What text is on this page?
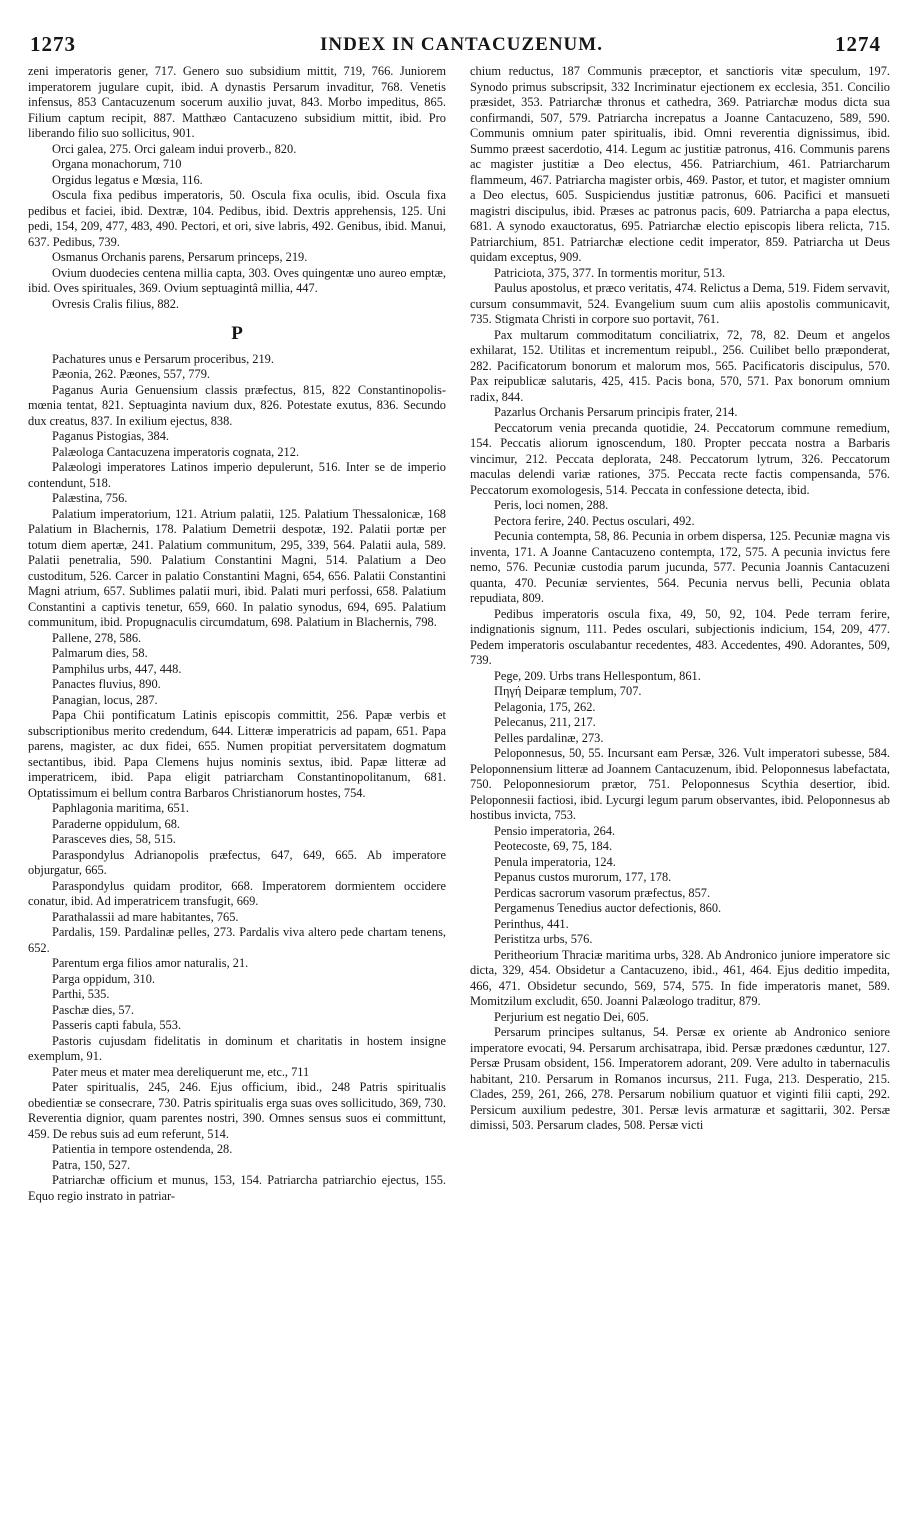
1273	INDEX IN CANTACUZENUM.	1274

zeni imperatoris gener, 717. Genero suo subsidium mittit, 719, 766. Juniorem imperatorem jugulare cupit, ibid. A dynastis Persarum invaditur, 768. Venetis infensus, 853 Cantacuzenum socerum auxilio juvat, 843. Morbo impeditus, 865. Filium captum recipit, 887. Matthæo Cantacuzeno subsidium mittit, ibid. Pro liberando filio suo sollicitus, 901.

Orci galea, 275. Orci galeam indui proverb., 820.

Organa monachorum, 710

Orgidus legatus e Mœsia, 116.

Oscula fixa pedibus imperatoris, 50. Oscula fixa oculis, ibid. Oscula fixa pedibus et faciei, ibid. Dextræ, 104. Pedibus, ibid. Dextris apprehensis, 125. Uni pedi, 154, 209, 477, 483, 490. Pectori, et ori, sive labris, 492. Genibus, ibid. Manui, 637. Pedibus, 739.

Osmanus Orchanis parens, Persarum princeps, 219.

Ovium duodecies centena millia capta, 303. Oves quingentæ uno aureo emptæ, ibid. Oves spirituales, 369. Ovium septuagintâ millia, 447.

Ovresis Cralis filius, 882.

P

Pachatures unus e Persarum proceribus, 219.

Pæonia, 262. Pæones, 557, 779.

Paganus Auria Genuensium classis præfectus, 815, 822 Constantinopolis-mœnia tentat, 821. Septuaginta navium dux, 826. Potestate exutus, 836. Secundo dux creatus, 837. In exilium ejectus, 838.

Paganus Pistogias, 384.

Palæologa Cantacuzena imperatoris cognata, 212.

Palæologi imperatores Latinos imperio depulerunt, 516. Inter se de imperio contendunt, 518.

Palæstina, 756.

Palatium imperatorium, 121. Atrium palatii, 125. Palatium Thessalonicæ, 168 Palatium in Blachernis, 178. Palatium Demetrii despotæ, 192. Palatii portæ per totum diem apertæ, 241. Palatium communitum, 295, 339, 564. Palatii aula, 589. Palatii penetralia, 590. Palatium Constantini Magni, 514. Palatium a Deo custoditum, 526. Carcer in palatio Constantini Magni, 654, 656. Palatii Constantini Magni atrium, 657. Sublimes palatii muri, ibid. Palati muri perfossi, 658. Palatium Constantini a captivis tenetur, 659, 660. In palatio synodus, 694, 695. Palatium communitum, ibid. Propugnaculis circumdatum, 698. Palatium in Blachernis, 798.

Pallene, 278, 586.

Palmarum dies, 58.

Pamphilus urbs, 447, 448.

Panactes fluvius, 890.

Panagian, locus, 287.

Papa Chii pontificatum Latinis episcopis committit, 256. Papæ verbis et subscriptionibus merito credendum, 644. Litteræ imperatricis ad papam, 651. Papa parens, magister, ac dux fidei, 655. Numen propitiat perversitatem dogmatum sectantibus, ibid. Papa Clemens hujus nominis sextus, ibid. Papæ litteræ ad imperatricem, ibid. Papa eligit patriarcham Constantinopolitanum, 681. Optatissimum ei bellum contra Barbaros Christianorum hostes, 754.

Paphlagonia maritima, 651.

Paraderne oppidulum, 68.

Parasceves dies, 58, 515.

Paraspondylus Adrianopolis præfectus, 647, 649, 665. Ab imperatore objurgatur, 665.

Paraspondylus quidam proditor, 668. Imperatorem dormientem occidere conatur, ibid. Ad imperatricem transfugit, 669.

Parathalassii ad mare habitantes, 765.

Pardalis, 159. Pardalinæ pelles, 273. Pardalis viva altero pede chartam tenens, 652.

Parentum erga filios amor naturalis, 21.

Parga oppidum, 310.

Parthi, 535.

Paschæ dies, 57.

Passeris capti fabula, 553.

Pastoris cujusdam fidelitatis in dominum et charitatis in hostem insigne exemplum, 91.

Pater meus et mater mea dereliquerunt me, etc., 711

Pater spiritualis, 245, 246. Ejus officium, ibid., 248 Patris spiritualis obedientiæ se consecrare, 730. Patris spiritualis erga suas oves sollicitudo, 369, 730. Reverentia dignior, quam parentes nostri, 390. Omnes sensus suos ei committunt, 459. De rebus suis ad eum referunt, 514.

Patientia in tempore ostendenda, 28.

Patra, 150, 527.

Patriarchæ officium et munus, 153, 154. Patriarcha patriarchio ejectus, 155. Equo regio instrato in patriar-

chium reductus, 187 Communis præceptor, et sanctioris vitæ speculum, 197. Synodo primus subscripsit, 332 Incriminatur ejectionem ex ecclesia, 351. Concilio præsidet, 353. Patriarchæ thronus et cathedra, 369. Patriarchæ modus dicta sua confirmandi, 507, 579. Patriarcha increpatus a Joanne Cantacuzeno, 589, 590. Communis omnium pater spiritualis, ibid. Omni reverentia dignissimus, ibid. Summo præest sacerdotio, 414. Legum ac justitiæ patronus, 416. Communis parens ac magister justitiæ a Deo electus, 456. Patriarchium, 461. Patriarcharum flammeum, 467. Patriarcha magister orbis, 469. Pastor, et tutor, et magister omnium a Deo electus, 605. Suspiciendus justitiæ patronus, 606. Pacifici et mansueti magistri discipulus, ibid. Præses ac patronus pacis, 609. Patriarcha a papa electus, 681. A synodo exauctoratus, 695. Patriarchæ electio episcopis libera relicta, 715. Patriarchium, 851. Patriarchæ electione cedit imperator, 859. Patriarcha ut Deus quidam exceptus, 909.

Patriciota, 375, 377. In tormentis moritur, 513.

Paulus apostolus, et præco veritatis, 474. Relictus a Dema, 519. Fidem servavit, cursum consummavit, 524. Evangelium suum cum aliis apostolis communicavit, 735. Stigmata Christi in corpore suo portavit, 761.

Pax multarum commoditatum conciliatrix, 72, 78, 82. Deum et angelos exhilarat, 152. Utilitas et incrementum reipubl., 256. Cuilibet bello præponderat, 282. Pacificatorum bonorum et malorum mos, 565. Pacificatoris discipulus, 570. Pax reipublicæ salutaris, 425, 415. Pacis bona, 570, 571. Pax bonorum omnium radix, 844.

Pazarlus Orchanis Persarum principis frater, 214.

Peccatorum venia precanda quotidie, 24. Peccatorum commune remedium, 154. Peccatis aliorum ignoscendum, 180. Propter peccata nostra a Barbaris vincimur, 212. Peccata deplorata, 248. Peccatorum lytrum, 326. Peccatorum maculas delendi variæ rationes, 375. Peccata recte factis compensanda, 576. Peccatorum exomologesis, 514. Peccata in confessione detecta, ibid.

Peris, loci nomen, 288.

Pectora ferire, 240. Pectus osculari, 492.

Pecunia contempta, 58, 86. Pecunia in orbem dispersa, 125. Pecuniæ magna vis inventa, 171. A Joanne Cantacuzeno contempta, 172, 575. A pecunia invictus fere nemo, 576. Pecuniæ custodia parum jucunda, 577. Pecunia Joannis Cantacuzeni quanta, 470. Pecuniæ servientes, 564. Pecunia nervus belli, Pecunia oblata repudiata, 809.

Pedibus imperatoris oscula fixa, 49, 50, 92, 104. Pede terram ferire, indignationis signum, 111. Pedes osculari, subjectionis indicium, 154, 209, 477. Pedem imperatoris osculabantur recedentes, 483. Accedentes, 490. Adorantes, 509, 739.

Pege, 209. Urbs trans Hellespontum, 861.

Πηγή Deiparæ templum, 707.

Pelagonia, 175, 262.

Pelecanus, 211, 217.

Pelles pardalinæ, 273.

Peloponnesus, 50, 55. Incursant eam Persæ, 326. Vult imperatori subesse, 584. Peloponnensium litteræ ad Joannem Cantacuzenum, ibid. Peloponnesus labefactata, 750. Peloponnesiorum prætor, 751. Peloponnesus Scythia desertior, ibid. Peloponnesii factiosi, ibid. Lycurgi legum parum observantes, ibid. Peloponnesus ab hostibus invicta, 753.

Pensio imperatoria, 264.

Peotecoste, 69, 75, 184.

Penula imperatoria, 124.

Pepanus custos murorum, 177, 178.

Perdicas sacrorum vasorum præfectus, 857.

Pergamenus Tenedius auctor defectionis, 860.

Perinthus, 441.

Peristitza urbs, 576.

Peritheorium Thraciæ maritima urbs, 328. Ab Andronico juniore imperatore sic dicta, 329, 454. Obsidetur a Cantacuzeno, ibid., 461, 464. Ejus deditio impedita, 466, 471. Obsidetur secundo, 569, 574, 575. In fide imperatoris manet, 589. Momitzilum excludit, 650. Joanni Palæologo traditur, 879.

Perjurium est negatio Dei, 605.

Persarum principes sultanus, 54. Persæ ex oriente ab Andronico seniore imperatore evocati, 94. Persarum archisatrapa, ibid. Persæ prædones cæduntur, 127. Persæ Prusam obsident, 156. Imperatorem adorant, 209. Vere adulto in tabernaculis habitant, 210. Persarum in Romanos incursus, 211. Fuga, 213. Desperatio, 215. Clades, 259, 261, 266, 278. Persarum nobilium quatuor et viginti filii capti, 292. Persicum auxilium pedestre, 301. Persæ levis armaturæ et sagittarii, 302. Persæ dimissi, 503. Persarum clades, 508. Persæ victi
